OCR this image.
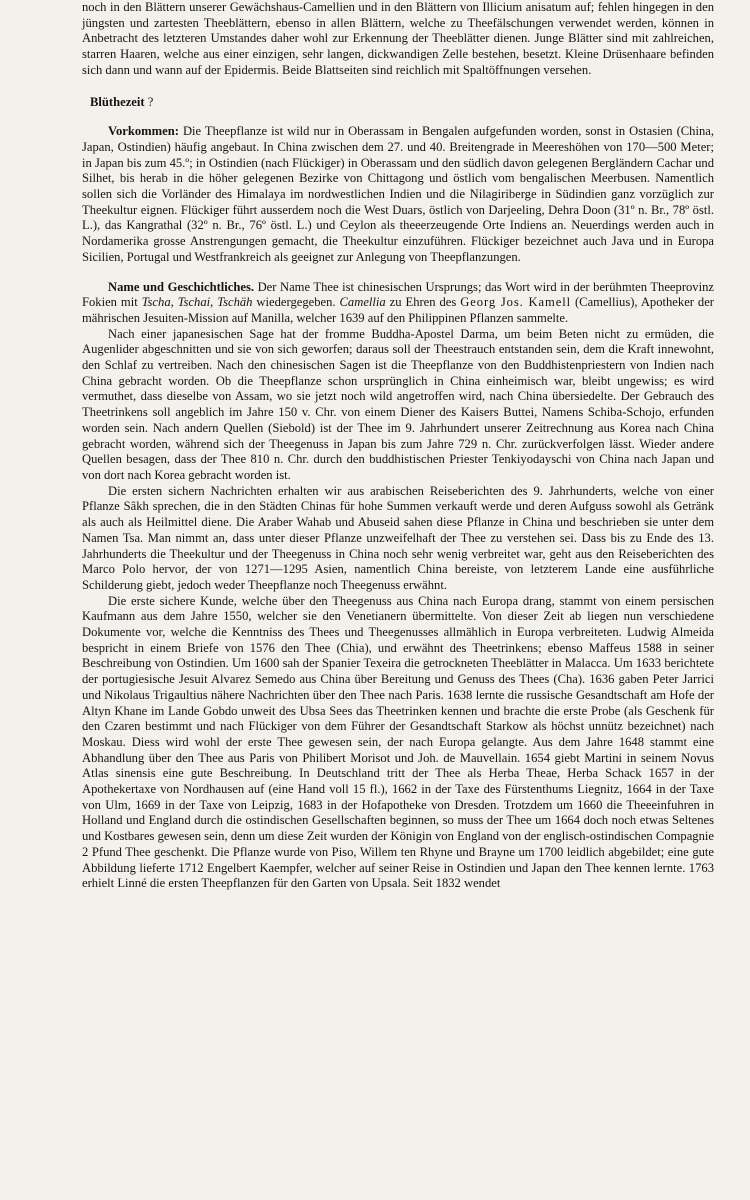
noch in den Blättern unserer Gewächshaus-Camellien und in den Blättern von Illicium anisatum auf; fehlen hingegen in den jüngsten und zartesten Theeblättern, ebenso in allen Blättern, welche zu Theefälschungen verwendet werden, können in Anbetracht des letzteren Umstandes daher wohl zur Erkennung der Theeblätter dienen. Junge Blätter sind mit zahlreichen, starren Haaren, welche aus einer einzigen, sehr langen, dickwandigen Zelle bestehen, besetzt. Kleine Drüsenhaare befinden sich dann und wann auf der Epidermis. Beide Blattseiten sind reichlich mit Spaltöffnungen versehen.

Blüthezeit ?

Vorkommen: Die Theepflanze ist wild nur in Oberassam in Bengalen aufgefunden worden, sonst in Ostasien (China, Japan, Ostindien) häufig angebaut. In China zwischen dem 27. und 40. Breitengrade in Meereshöhen von 170—500 Meter; in Japan bis zum 45.º; in Ostindien (nach Flückiger) in Oberassam und den südlich davon gelegenen Bergländern Cachar und Silhet, bis herab in die höher gelegenen Bezirke von Chittagong und östlich vom bengalischen Meerbusen. Namentlich sollen sich die Vorländer des Himalaya im nordwestlichen Indien und die Nilagiriberge in Südindien ganz vorzüglich zur Theekultur eignen. Flückiger führt ausserdem noch die West Duars, östlich von Darjeeling, Dehra Doon (31º n. Br., 78º östl. L.), das Kangrathal (32º n. Br., 76º östl. L.) und Ceylon als theeerzeugende Orte Indiens an. Neuerdings werden auch in Nordamerika grosse Anstrengungen gemacht, die Theekultur einzuführen. Flückiger bezeichnet auch Java und in Europa Sicilien, Portugal und Westfrankreich als geeignet zur Anlegung von Theepflanzungen.

Name und Geschichtliches. Der Name Thee ist chinesischen Ursprungs; das Wort wird in der berühmten Theeprovinz Fokien mit Tscha, Tschai, Tschäh wiedergegeben. Camellia zu Ehren des Georg Jos. Kamell (Camellius), Apotheker der mährischen Jesuiten-Mission auf Manilla, welcher 1639 auf den Philippinen Pflanzen sammelte.

Nach einer japanesischen Sage hat der fromme Buddha-Apostel Darma, um beim Beten nicht zu ermüden, die Augenlider abgeschnitten und sie von sich geworfen; daraus soll der Theestrauch entstanden sein, dem die Kraft innewohnt, den Schlaf zu vertreiben. Nach den chinesischen Sagen ist die Theepflanze von den Buddhistenpriestern von Indien nach China gebracht worden. Ob die Theepflanze schon ursprünglich in China einheimisch war, bleibt ungewiss; es wird vermuthet, dass dieselbe von Assam, wo sie jetzt noch wild angetroffen wird, nach China übersiedelte. Der Gebrauch des Theetrinkens soll angeblich im Jahre 150 v. Chr. von einem Diener des Kaisers Buttei, Namens Schiba-Schojo, erfunden worden sein. Nach andern Quellen (Siebold) ist der Thee im 9. Jahrhundert unserer Zeitrechnung aus Korea nach China gebracht worden, während sich der Theegenuss in Japan bis zum Jahre 729 n. Chr. zurückverfolgen lässt. Wieder andere Quellen besagen, dass der Thee 810 n. Chr. durch den buddhistischen Priester Tenkiyodayschi von China nach Japan und von dort nach Korea gebracht worden ist.

Die ersten sichern Nachrichten erhalten wir aus arabischen Reiseberichten des 9. Jahrhunderts, welche von einer Pflanze Sâkh sprechen, die in den Städten Chinas für hohe Summen verkauft werde und deren Aufguss sowohl als Getränk als auch als Heilmittel diene. Die Araber Wahab und Abuseid sahen diese Pflanze in China und beschrieben sie unter dem Namen Tsa. Man nimmt an, dass unter dieser Pflanze unzweifelhaft der Thee zu verstehen sei. Dass bis zu Ende des 13. Jahrhunderts die Theekultur und der Theegenuss in China noch sehr wenig verbreitet war, geht aus den Reiseberichten des Marco Polo hervor, der von 1271—1295 Asien, namentlich China bereiste, von letzterem Lande eine ausführliche Schilderung giebt, jedoch weder Theepflanze noch Theegenuss erwähnt.

Die erste sichere Kunde, welche über den Theegenuss aus China nach Europa drang, stammt von einem persischen Kaufmann aus dem Jahre 1550, welcher sie den Venetianern übermittelte. Von dieser Zeit ab liegen nun verschiedene Dokumente vor, welche die Kenntniss des Thees und Theegenusses allmählich in Europa verbreiteten. Ludwig Almeida bespricht in einem Briefe von 1576 den Thee (Chia), und erwähnt des Theetrinkens; ebenso Maffeus 1588 in seiner Beschreibung von Ostindien. Um 1600 sah der Spanier Texeira die getrockneten Theeblätter in Malacca. Um 1633 berichtete der portugiesische Jesuit Alvarez Semedo aus China über Bereitung und Genuss des Thees (Cha). 1636 gaben Peter Jarrici und Nikolaus Trigaultius nähere Nachrichten über den Thee nach Paris. 1638 lernte die russische Gesandtschaft am Hofe der Altyn Khane im Lande Gobdo unweit des Ubsa Sees das Theetrinken kennen und brachte die erste Probe (als Geschenk für den Czaren bestimmt und nach Flückiger von dem Führer der Gesandtschaft Starkow als höchst unnütz bezeichnet) nach Moskau. Diess wird wohl der erste Thee gewesen sein, der nach Europa gelangte. Aus dem Jahre 1648 stammt eine Abhandlung über den Thee aus Paris von Philibert Morisot und Joh. de Mauvellain. 1654 giebt Martini in seinem Novus Atlas sinensis eine gute Beschreibung. In Deutschland tritt der Thee als Herba Theae, Herba Schack 1657 in der Apothekertaxe von Nordhausen auf (eine Hand voll 15 fl.), 1662 in der Taxe des Fürstenthums Liegnitz, 1664 in der Taxe von Ulm, 1669 in der Taxe von Leipzig, 1683 in der Hofapotheke von Dresden. Trotzdem um 1660 die Theeeinfuhren in Holland und England durch die ostindischen Gesellschaften beginnen, so muss der Thee um 1664 doch noch etwas Seltenes und Kostbares gewesen sein, denn um diese Zeit wurden der Königin von England von der englisch-ostindischen Compagnie 2 Pfund Thee geschenkt. Die Pflanze wurde von Piso, Willem ten Rhyne und Brayne um 1700 leidlich abgebildet; eine gute Abbildung lieferte 1712 Engelbert Kaempfer, welcher auf seiner Reise in Ostindien und Japan den Thee kennen lernte. 1763 erhielt Linné die ersten Theepflanzen für den Garten von Upsala. Seit 1832 wendet
